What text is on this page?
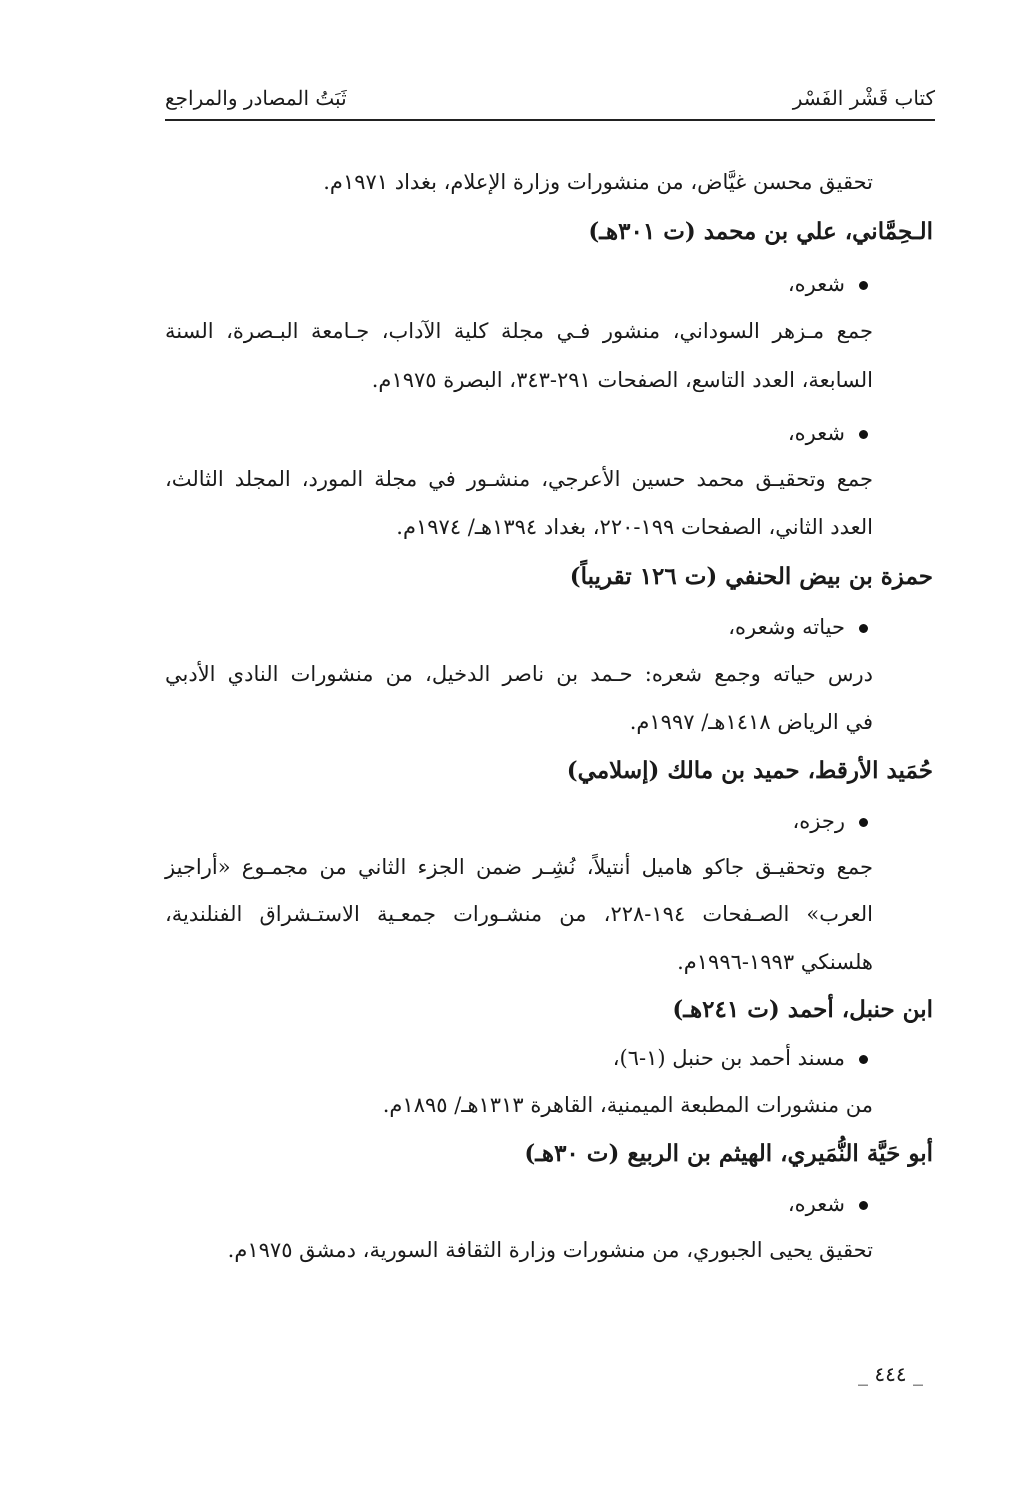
كتاب قَشْر الفَسْر
ثَبَتُ المصادر والمراجع
تحقيق محسن غيَّاض، من منشورات وزارة الإعلام، بغداد ١٩٧١م.
الـحِمَّاني، علي بن محمد (ت ٣٠١هـ)
شعره،
جمع مـزهر السوداني، منشور فـي مجلة كلية الآداب، جـامعة البـصرة، السنة
السابعة، العدد التاسع، الصفحات ٢٩١-٣٤٣، البصرة ١٩٧٥م.
شعره،
جمع وتحقيـق محمد حسين الأعرجي، منشـور في مجلة المورد، المجلد الثالث،
العدد الثاني، الصفحات ١٩٩-٢٢٠، بغداد ١٣٩٤هـ/ ١٩٧٤م.
حمزة بن بيض الحنفي (ت ١٢٦ تقريباً)
حياته وشعره،
درس حياته وجمع شعره: حـمد بن ناصر الدخيل، من منشورات النادي الأدبي
في الرياض ١٤١٨هـ/ ١٩٩٧م.
حُمَيد الأرقط، حميد بن مالك (إسلامي)
رجزه،
جمع وتحقيـق جاكو هاميل أنتيلاً، نُشِـر ضمن الجزء الثاني من مجمـوع «أراجيز
العرب» الصـفحات ١٩٤-٢٢٨، من منشـورات جمعـية الاستـشراق الفنلندية،
هلسنكي ١٩٩٣-١٩٩٦م.
ابن حنبل، أحمد (ت ٢٤١هـ)
مسند أحمد بن حنبل (١-٦)،
من منشورات المطبعة الميمنية، القاهرة ١٣١٣هـ/ ١٨٩٥م.
أبو حَيَّة النُّمَيري، الهيثم بن الربيع (ت ٣٠هـ)
شعره،
تحقيق يحيى الجبوري، من منشورات وزارة الثقافة السورية، دمشق ١٩٧٥م.
_ ٤٤٤ _
